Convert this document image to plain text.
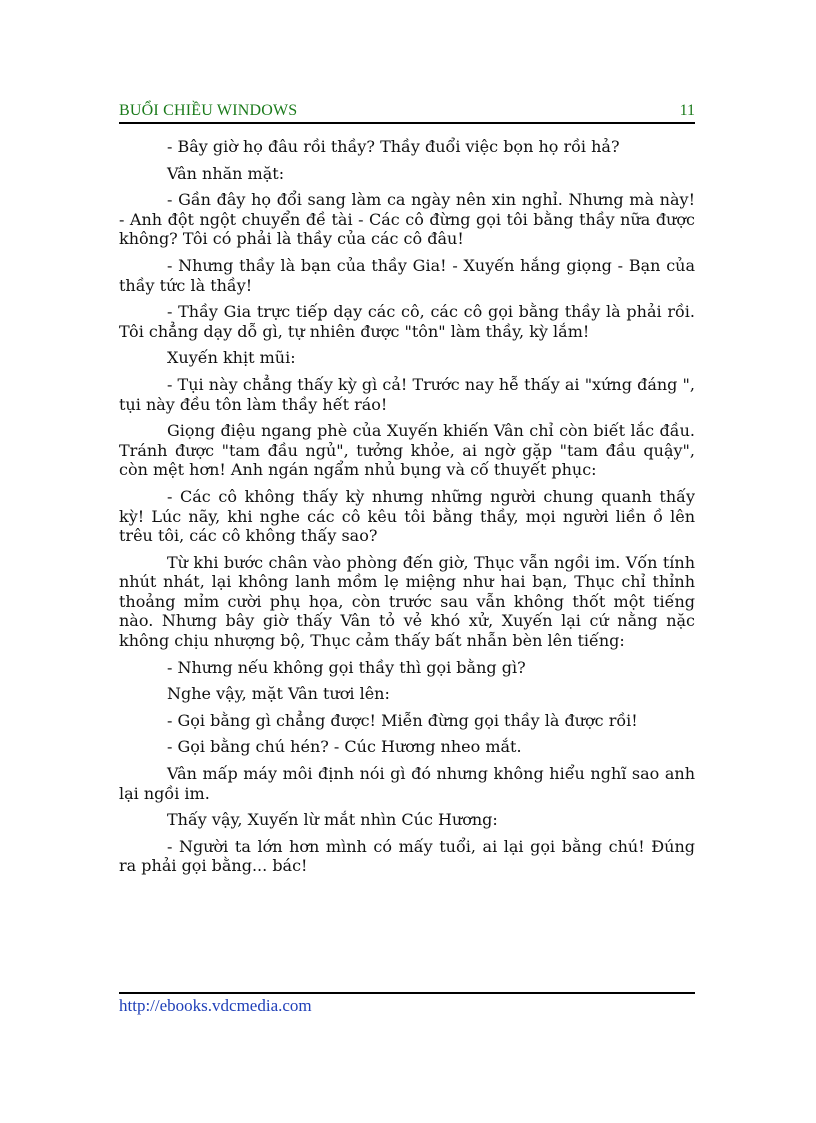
BUỔI CHIỀU WINDOWS	11

- Bây giờ họ đâu rồi thầy? Thầy đuổi việc bọn họ rồi hả?

Vân nhăn mặt:

- Gần đây họ đổi sang làm ca ngày nên xin nghỉ. Nhưng mà này! - Anh đột ngột chuyển đề tài - Các cô đừng gọi tôi bằng thầy nữa được không? Tôi có phải là thầy của các cô đâu!

- Nhưng thầy là bạn của thầy Gia! - Xuyến hắng giọng - Bạn của thầy tức là thầy!

- Thầy Gia trực tiếp dạy các cô, các cô gọi bằng thầy là phải rồi. Tôi chẳng dạy dỗ gì, tự nhiên được "tôn" làm thầy, kỳ lắm!

Xuyến khịt mũi:

- Tụi này chẳng thấy kỳ gì cả! Trước nay hễ thấy ai "xứng đáng ", tụi này đều tôn làm thầy hết ráo!

Giọng điệu ngang phè của Xuyến khiến Vân chỉ còn biết lắc đầu. Tránh được "tam đầu ngủ", tưởng khỏe, ai ngờ gặp "tam đầu quậy", còn mệt hơn! Anh ngán ngẩm nhủ bụng và cố thuyết phục:

- Các cô không thấy kỳ nhưng những người chung quanh thấy kỳ! Lúc nãy, khi nghe các cô kêu tôi bằng thầy, mọi người liền ồ lên trêu tôi, các cô không thấy sao?

Từ khi bước chân vào phòng đến giờ, Thục vẫn ngồi im. Vốn tính nhút nhát, lại không lanh mồm lẹ miệng như hai bạn, Thục chỉ thỉnh thoảng mỉm cười phụ họa, còn trước sau vẫn không thốt một tiếng nào. Nhưng bây giờ thấy Vân tỏ vẻ khó xử, Xuyến lại cứ nằng nặc không chịu nhượng bộ, Thục cảm thấy bất nhẫn bèn lên tiếng:

- Nhưng nếu không gọi thầy thì gọi bằng gì?

Nghe vậy, mặt Vân tươi lên:

- Gọi bằng gì chẳng được! Miễn đừng gọi thầy là được rồi!

- Gọi bằng chú hén? - Cúc Hương nheo mắt.

Vân mấp máy môi định nói gì đó nhưng không hiểu nghĩ sao anh lại ngồi im.

Thấy vậy, Xuyến lừ mắt nhìn Cúc Hương:

- Người ta lớn hơn mình có mấy tuổi, ai lại gọi bằng chú! Đúng ra phải gọi bằng... bác!

http://ebooks.vdcmedia.com
